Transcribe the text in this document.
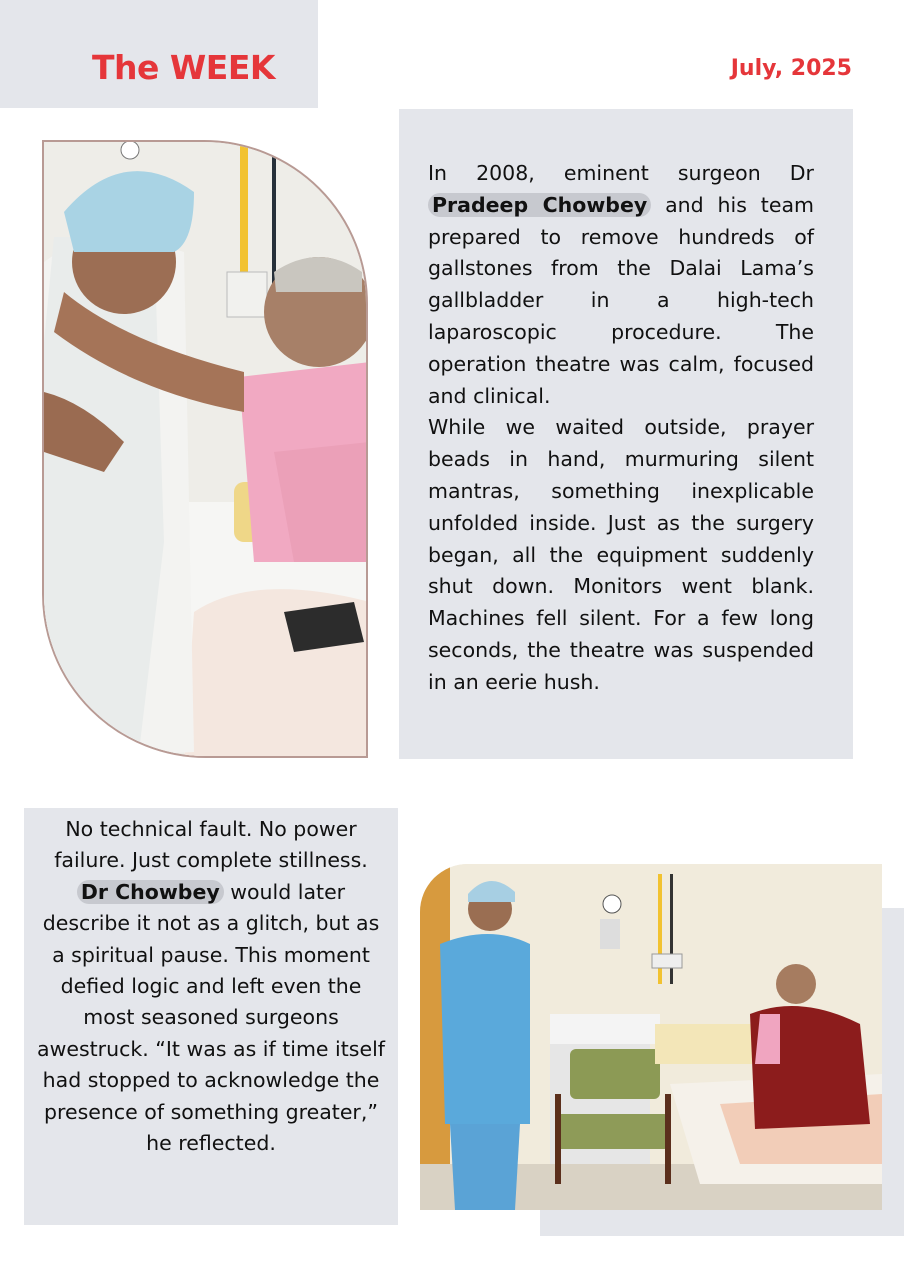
The WEEK	July, 2025

In 2008, eminent surgeon Dr Pradeep Chowbey and his team prepared to remove hundreds of gallstones from the Dalai Lama’s gallbladder in a high-tech laparoscopic procedure. The operation theatre was calm, focused and clinical.

While we waited outside, prayer beads in hand, murmuring silent mantras, something inexplicable unfolded inside. Just as the surgery began, all the equipment suddenly shut down. Monitors went blank. Machines fell silent. For a few long seconds, the theatre was suspended in an eerie hush.

No technical fault. No power failure. Just complete stillness.

Dr Chowbey would later describe it not as a glitch, but as a spiritual pause. This moment defied logic and left even the most seasoned surgeons awestruck. “It was as if time itself had stopped to acknowledge the presence of something greater,” he reflected.
